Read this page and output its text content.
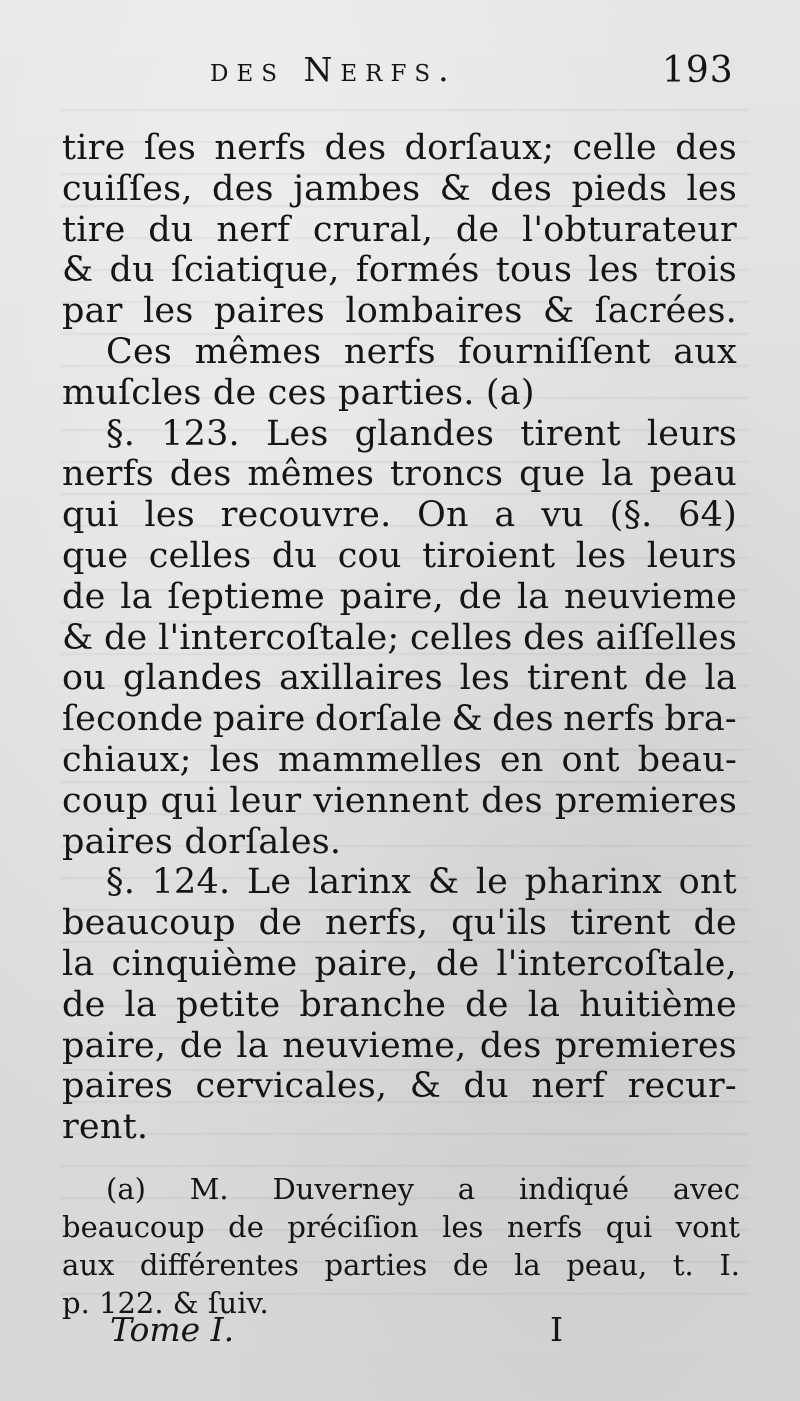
des Nerfs.	193
tire ſes nerfs des dorſaux; celle des
cuiſſes, des jambes & des pieds les
tire du nerf crural, de l'obturateur
& du ſciatique, formés tous les trois
par les paires lombaires & ſacrées.
Ces mêmes nerfs fourniſſent aux
muſcles de ces parties. (a)
§. 123. Les glandes tirent leurs
nerfs des mêmes troncs que la peau
qui les recouvre. On a vu (§. 64)
que celles du cou tiroient les leurs
de la ſeptieme paire, de la neuvieme
& de l'intercoſtale; celles des aiſſelles
ou glandes axillaires les tirent de la
ſeconde paire dorſale & des nerfs bra-
chiaux; les mammelles en ont beau-
coup qui leur viennent des premieres
paires dorſales.
§. 124. Le larinx & le pharinx ont
beaucoup de nerfs, qu'ils tirent de
la cinquième paire, de l'intercoſtale,
de la petite branche de la huitième
paire, de la neuvieme, des premieres
paires cervicales, & du nerf recur-
rent.
(a) M. Duverney a indiqué avec
beaucoup de préciſion les nerfs qui vont
aux différentes parties de la peau, t. I.
p. 122. & ſuiv.
Tome I.	I
